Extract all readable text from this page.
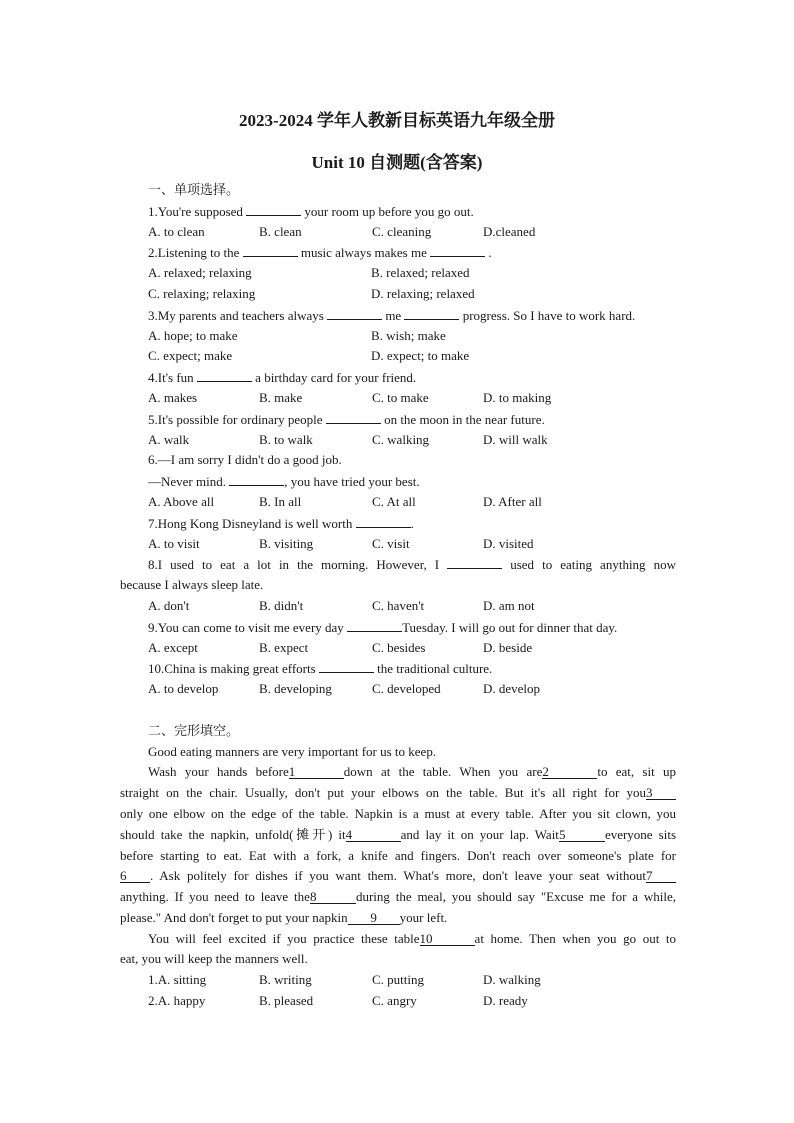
2023-2024 学年人教新目标英语九年级全册
Unit 10 自测题(含答案)
一、单项选择。
1.You're supposed	your room up before you go out.
A. to clean	B. clean	C. cleaning	D.cleaned
2.Listening to the	music always makes me	.
A. relaxed; relaxing	B. relaxed; relaxed
C. relaxing; relaxing	D. relaxing; relaxed
3.My parents and teachers always	me	progress. So I have to work hard.
A. hope; to make	B. wish; make
C. expect; make	D. expect; to make
4.It's fun	a birthday card for your friend.
A. makes	B. make	C. to make	D. to making
5.It's possible for ordinary people	on the moon in the near future.
A. walk	B. to walk	C. walking	D. will walk
6.—I am sorry I didn't do a good job.
—Never mind.	, you have tried your best.
A. Above all	B. In all	C. At all	D. After all
7.Hong Kong Disneyland is well worth	.
A. to visit	B. visiting	C. visit	D. visited
8.I used to eat a lot in the morning. However, I	used to eating anything now
because I always sleep late.
A. don't	B. didn't	C. haven't	D. am not
9.You can come to visit me every day	Tuesday. I will go out for dinner that day.
A. except	B. expect	C. besides	D. beside
10.China is making great efforts	the traditional culture.
A. to develop	B. developing	C. developed	D. develop
二、完形填空。
Good eating manners are very important for us to keep.
Wash your hands before1	down at the table. When you are2	to eat, sit up
straight on the chair. Usually, don't put your elbows on the table. But it's all right for you3
only one elbow on the edge of the table. Napkin is a must at every table. After you sit clown, you
should take the napkin, unfold(摊开) it4	and lay it on your lap. Wait5	everyone sits
before starting to eat. Eat with a fork, a knife and fingers. Don't reach over someone's plate for
6 . Ask politely for dishes if you want them. What's more, don't leave your seat without7
anything. If you need to leave the8	during the meal, you should say "Excuse me for a while,
please." And don't forget to put your napkin 9 your left.
You will feel excited if you practice these table10	at home. Then when you go out to
eat, you will keep the manners well.
1.A. sitting	B. writing	C. putting	D. walking
2.A. happy	B. pleased	C. angry	D. ready
